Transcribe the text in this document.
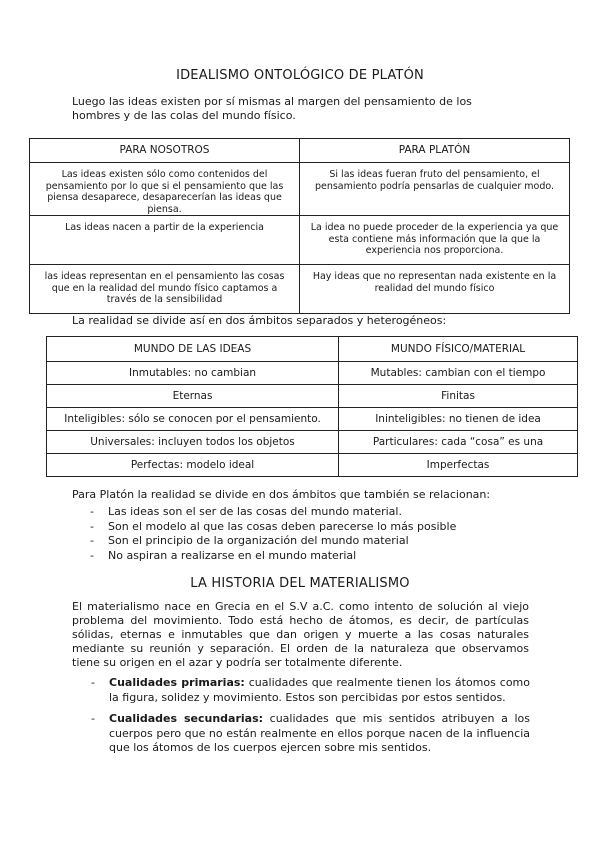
IDEALISMO ONTOLÓGICO DE PLATÓN

Luego las ideas existen por sí mismas al margen del pensamiento de los hombres y de las colas del mundo físico.

PARA NOSOTROS	PARA PLATÓN
Las ideas existen sólo como contenidos del pensamiento por lo que si el pensamiento que las piensa desaparece, desaparecerían las ideas que piensa.	Si las ideas fueran fruto del pensamiento, el pensamiento podría pensarlas de cualquier modo.
Las ideas nacen a partir de la experiencia	La idea no puede proceder de la experiencia ya que esta contiene más información que la que la experiencia nos proporciona.
las ideas representan en el pensamiento las cosas que en la realidad del mundo físico captamos a través de la sensibilidad	Hay ideas que no representan nada existente en la realidad del mundo físico

La realidad se divide así en dos ámbitos separados y heterogéneos:

MUNDO DE LAS IDEAS	MUNDO FÍSICO/MATERIAL
Inmutables: no cambian	Mutables: cambian con el tiempo
Eternas	Finitas
Inteligibles: sólo se conocen por el pensamiento.	Ininteligibles: no tienen de idea
Universales: incluyen todos los objetos	Particulares: cada “cosa” es una
Perfectas: modelo ideal	Imperfectas

Para Platón la realidad se divide en dos ámbitos que también se relacionan:

- Las ideas son el ser de las cosas del mundo material.
- Son el modelo al que las cosas deben parecerse lo más posible
- Son el principio de la organización del mundo material
- No aspiran a realizarse en el mundo material
LA HISTORIA DEL MATERIALISMO

El materialismo nace en Grecia en el S.V a.C. como intento de solución al viejo problema del movimiento. Todo está hecho de átomos, es decir, de partículas sólidas, eternas e inmutables que dan origen y muerte a las cosas naturales mediante su reunión y separación. El orden de la naturaleza que observamos tiene su origen en el azar y podría ser totalmente diferente.

- Cualidades primarias: cualidades que realmente tienen los átomos como la figura, solidez y movimiento. Estos son percibidas por estos sentidos.
- Cualidades secundarias: cualidades que mis sentidos atribuyen a los cuerpos pero que no están realmente en ellos porque nacen de la influencia que los átomos de los cuerpos ejercen sobre mis sentidos.
